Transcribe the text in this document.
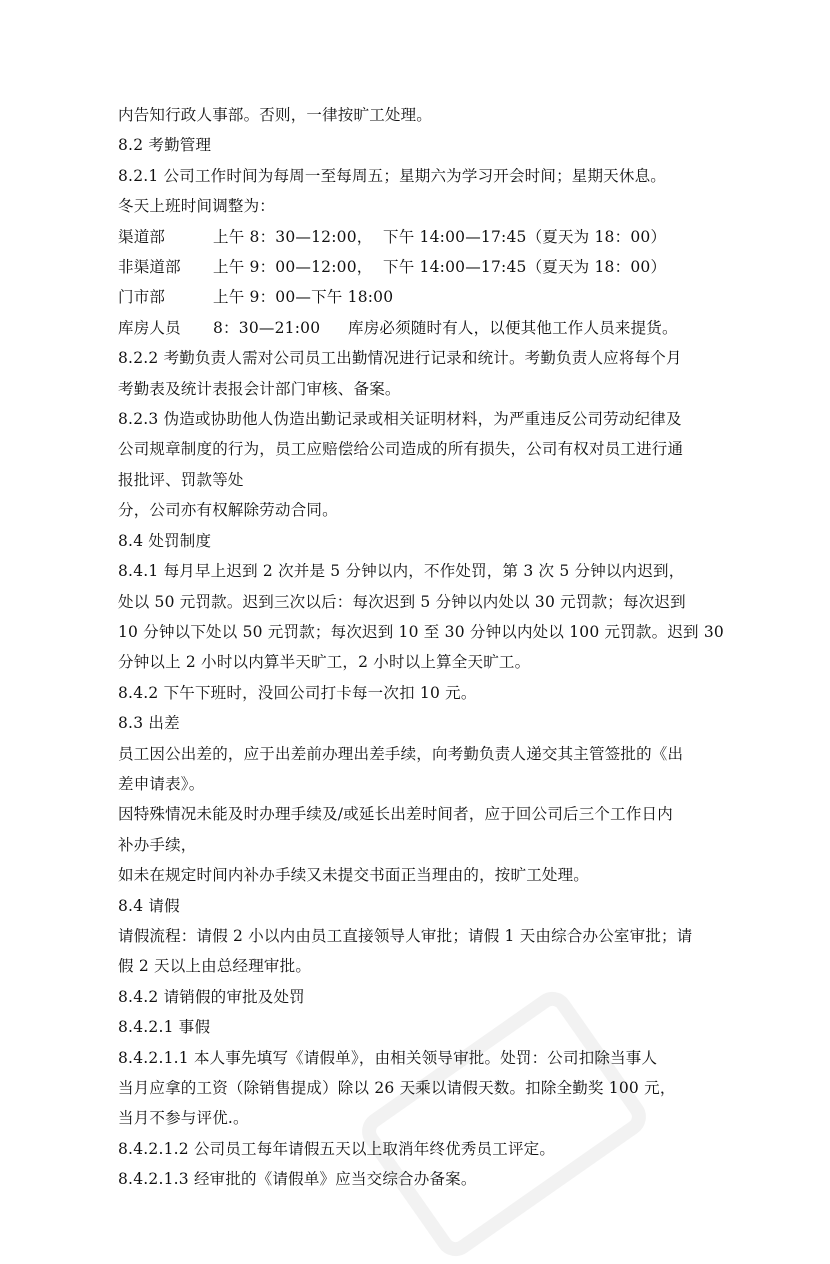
内告知行政人事部。否则，一律按旷工处理。
8.2 考勤管理
8.2.1 公司工作时间为每周一至每周五；星期六为学习开会时间；星期天休息。
冬天上班时间调整为：
渠道部	上午 8：30—12:00， 下午 14:00—17:45（夏天为 18：00）
非渠道部 上午 9：00—12:00， 下午 14:00—17:45（夏天为 18：00）
门市部	上午 9：00—下午 18:00
库房人员 8：30—21:00 库房必须随时有人，以便其他工作人员来提货。
8.2.2 考勤负责人需对公司员工出勤情况进行记录和统计。考勤负责人应将每个月
考勤表及统计表报会计部门审核、备案。
8.2.3 伪造或协助他人伪造出勤记录或相关证明材料，为严重违反公司劳动纪律及
公司规章制度的行为，员工应赔偿给公司造成的所有损失，公司有权对员工进行通
报批评、罚款等处
分，公司亦有权解除劳动合同。
8.4 处罚制度
8.4.1 每月早上迟到 2 次并是 5 分钟以内，不作处罚，第 3 次 5 分钟以内迟到，
处以 50 元罚款。迟到三次以后：每次迟到 5 分钟以内处以 30 元罚款；每次迟到
10 分钟以下处以 50 元罚款；每次迟到 10 至 30 分钟以内处以 100 元罚款。迟到 30
分钟以上 2 小时以内算半天旷工，2 小时以上算全天旷工。
8.4.2 下午下班时，没回公司打卡每一次扣 10 元。
8.3 出差
员工因公出差的，应于出差前办理出差手续，向考勤负责人递交其主管签批的《出
差申请表》。
因特殊情况未能及时办理手续及/或延长出差时间者，应于回公司后三个工作日内
补办手续，
如未在规定时间内补办手续又未提交书面正当理由的，按旷工处理。
8.4 请假
请假流程：请假 2 小以内由员工直接领导人审批；请假 1 天由综合办公室审批；请
假 2 天以上由总经理审批。
8.4.2 请销假的审批及处罚
8.4.2.1 事假
8.4.2.1.1 本人事先填写《请假单》，由相关领导审批。处罚：公司扣除当事人
当月应拿的工资（除销售提成）除以 26 天乘以请假天数。扣除全勤奖 100 元，
当月不参与评优.。
8.4.2.1.2 公司员工每年请假五天以上取消年终优秀员工评定。
8.4.2.1.3 经审批的《请假单》应当交综合办备案。
